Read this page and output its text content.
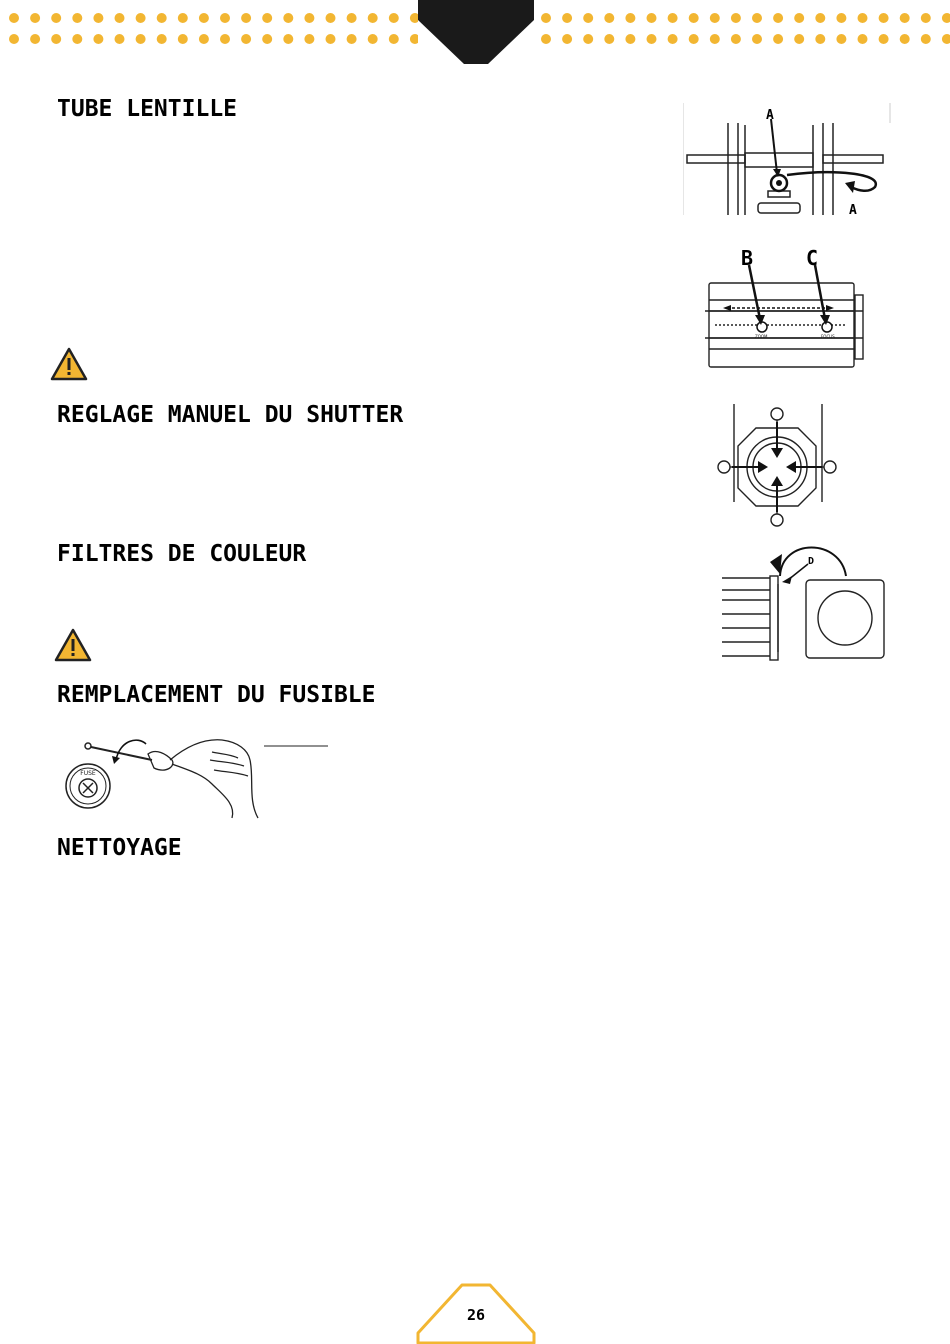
TUBE LENTILLE
REGLAGE MANUEL DU SHUTTER
FILTRES DE COULEUR
REMPLACEMENT DU FUSIBLE
NETTOYAGE
A
A
B	C
ZOOM	FOCUS
D
FUSE
26
